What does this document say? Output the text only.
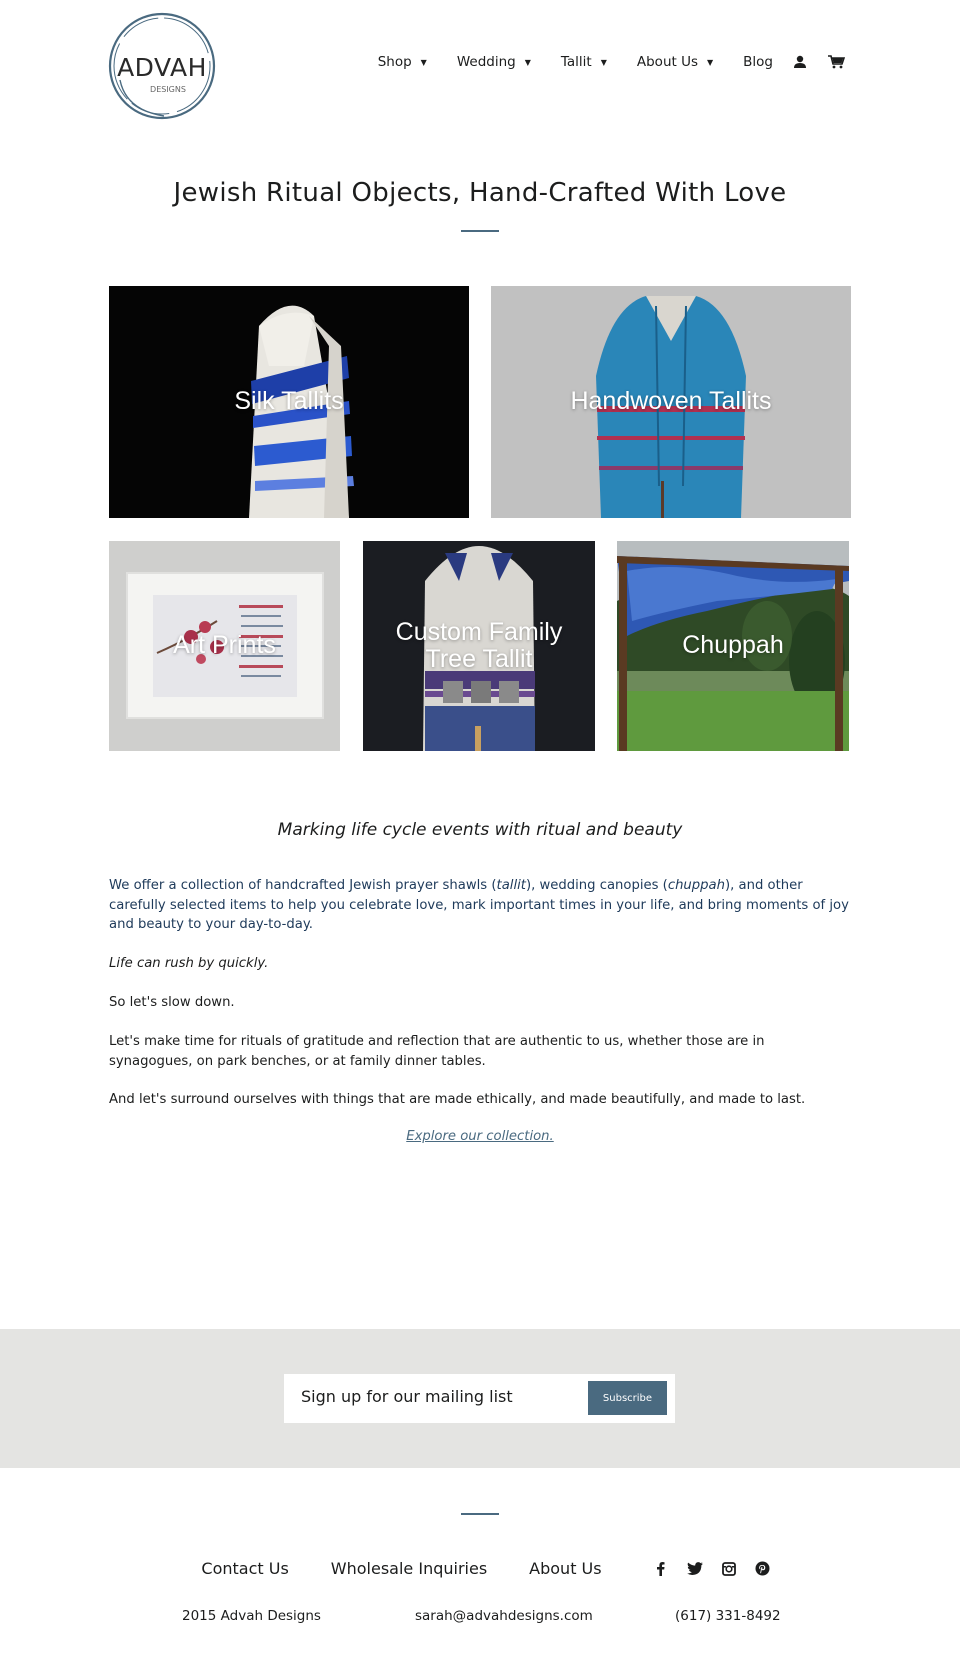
ADVAH
DESIGNS
Shop ▼ Wedding ▼ Tallit ▼ About Us ▼ Blog
Jewish Ritual Objects, Hand-Crafted With Love
Silk Tallits	Handwoven Tallits
Art Prints	Custom Family Tree Tallit	Chuppah
Marking life cycle events with ritual and beauty

We offer a collection of handcrafted Jewish prayer shawls (tallit), wedding canopies (chuppah), and other carefully selected items to help you celebrate love, mark important times in your life, and bring moments of joy and beauty to your day-to-day.

Life can rush by quickly.

So let's slow down.

Let's make time for rituals of gratitude and reflection that are authentic to us, whether those are in synagogues, on park benches, or at family dinner tables.

And let's surround ourselves with things that are made ethically, and made beautifully, and made to last.

Explore our collection.
Sign up for our mailing list	Subscribe
Contact Us	Wholesale Inquiries	About Us
2015 Advah Designs	sarah@advahdesigns.com	(617) 331-8492
